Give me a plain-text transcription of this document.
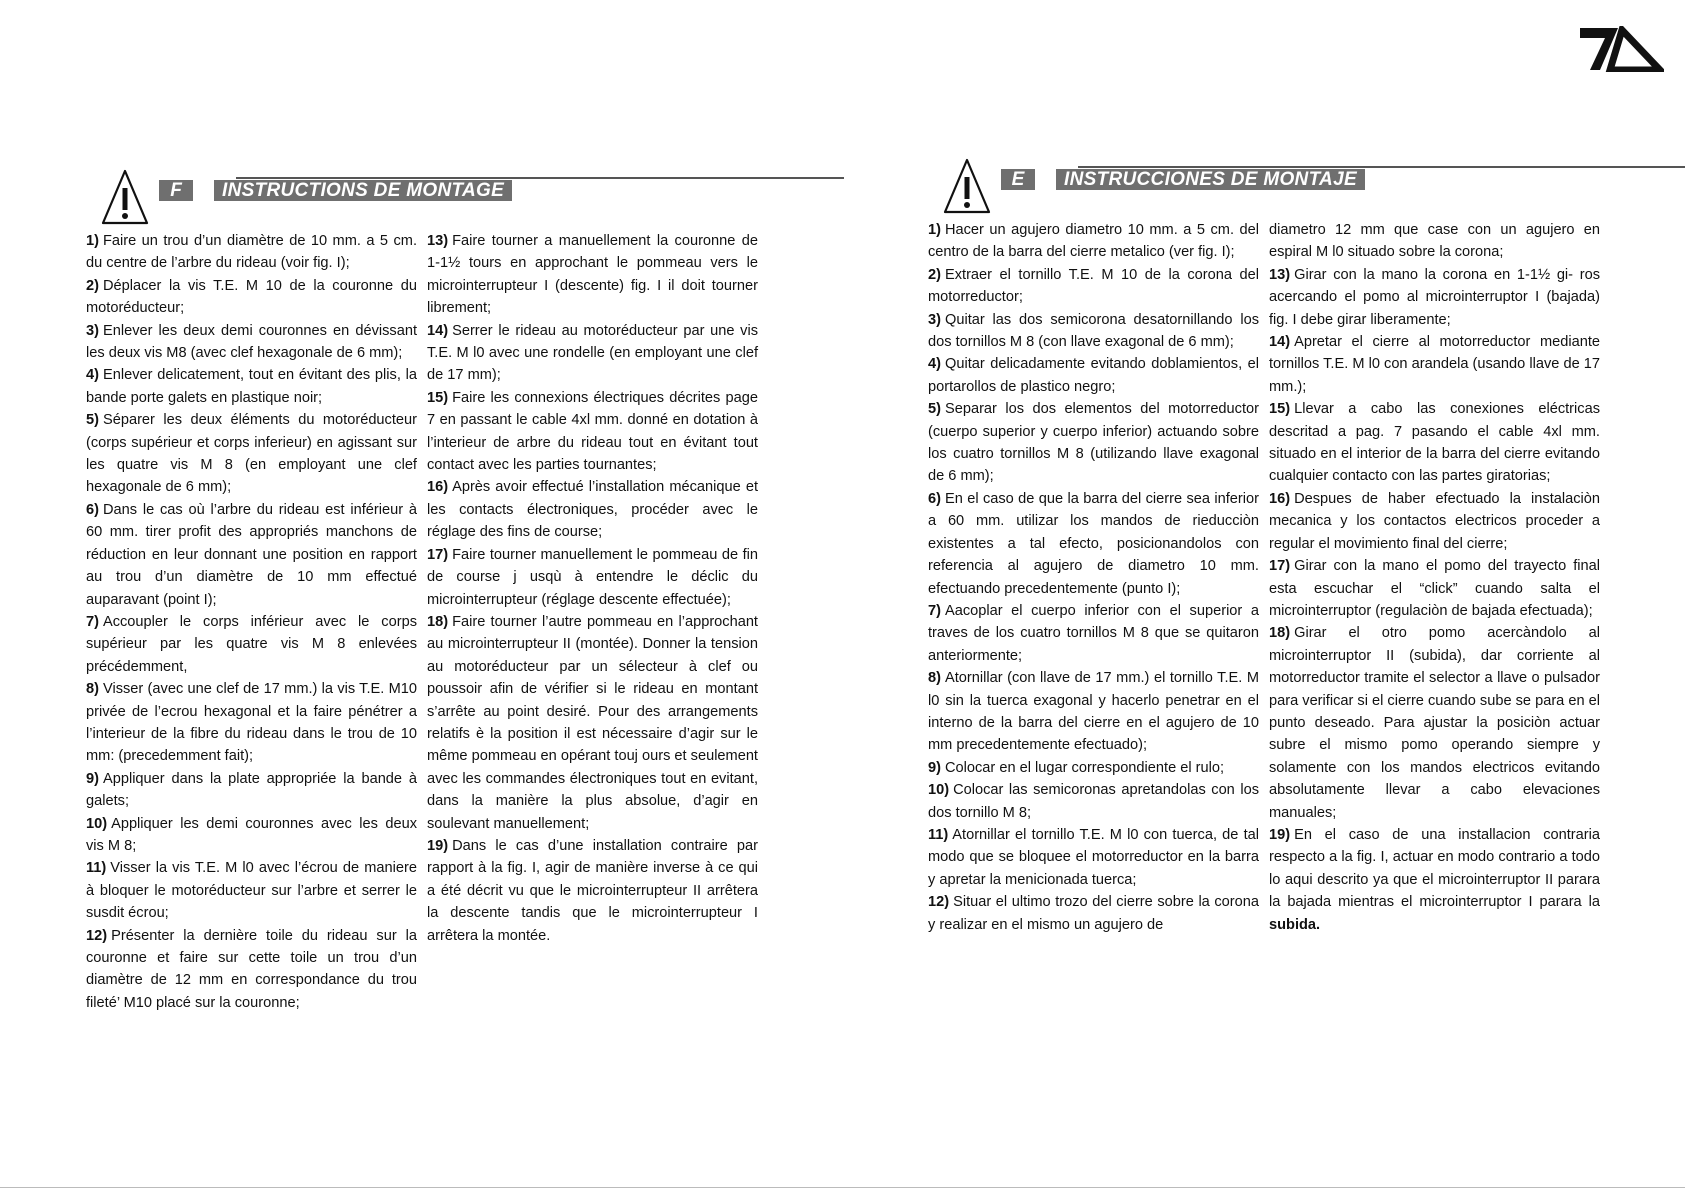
F	INSTRUCTIONS DE MONTAGE

1) Faire un trou d’un diamètre de 10 mm. a 5 cm. du centre de l’arbre du rideau (voir fig. I);

2) Déplacer la vis T.E. M 10 de la couronne du motoréducteur;

3) Enlever les deux demi couronnes en dévissant les deux vis M8 (avec clef hexagonale de 6 mm);

4) Enlever delicatement, tout en évitant des plis, la bande porte galets en plastique noir;

5) Séparer les deux éléments du motoréducteur (corps supérieur et corps inferieur) en agissant sur les quatre vis M 8 (en employant une clef hexagonale de 6 mm);

6) Dans le cas où l’arbre du rideau est inférieur à 60 mm. tirer profit des appropriés manchons de réduction en leur donnant une position en rapport au trou d’un diamètre de 10 mm effectué auparavant (point I);

7) Accoupler le corps inférieur avec le corps supérieur par les quatre vis M 8 enlevées précédemment,

8) Visser (avec une clef de 17 mm.) la vis T.E. M10 privée de l’ecrou hexagonal et la faire pénétrer a l’interieur de la fibre du rideau dans le trou de 10 mm: (precedemment fait);

9) Appliquer dans la plate appropriée la bande à galets;

10) Appliquer les demi couronnes avec les deux vis M 8;

11) Visser la vis T.E. M l0 avec l’écrou de maniere à bloquer le motoréducteur sur l’arbre et serrer le susdit écrou;

12) Présenter la dernière toile du rideau sur la couronne et faire sur cette toile un trou d’un diamètre de 12 mm en correspondance du trou fileté’ M10 placé sur la couronne;

13) Faire tourner a manuellement la couronne de 1-1½ tours en approchant le pommeau vers le microinterrupteur I (descente) fig. I il doit tourner librement;

14) Serrer le rideau au motoréducteur par une vis T.E. M l0 avec une rondelle (en employant une clef de 17 mm);

15) Faire les connexions électriques décrites page 7 en passant le cable 4xl mm. donné en dotation à l’interieur de arbre du rideau tout en évitant tout contact avec les parties tournantes;

16) Après avoir effectué l’installation mécanique et les contacts électroniques, procéder avec le réglage des fins de course;

17) Faire tourner manuellement le pommeau de fin de course j usqù à entendre le déclic du microinterrupteur (réglage descente effectuée);

18) Faire tourner l’autre pommeau en l’approchant au microinterrupteur II (montée). Donner la tension au motoréducteur par un sélecteur à clef ou poussoir afin de vérifier si le rideau en montant s’arrête au point desiré. Pour des arrangements relatifs è la position il est nécessaire d’agir sur le même pommeau en opérant touj ours et seulement avec les commandes électroniques tout en evitant, dans la manière la plus absolue, d’agir en soulevant manuellement;

19) Dans le cas d’une installation contraire par rapport à la fig. I, agir de manière inverse à ce qui a été décrit vu que le microinterrupteur II arrêtera la descente tandis que le microinterrupteur I arrêtera la montée.

E	INSTRUCCIONES DE MONTAJE

1) Hacer un agujero diametro 10 mm. a 5 cm. del centro de la barra del cierre metalico (ver fig. I);

2) Extraer el tornillo T.E. M 10 de la corona del motorreductor;

3) Quitar las dos semicorona desatornillando los dos tornillos M 8 (con llave exagonal de 6 mm);

4) Quitar delicadamente evitando doblamientos, el portarollos de plastico negro;

5) Separar los dos elementos del motorreductor (cuerpo superior y cuerpo inferior) actuando sobre los cuatro tornillos M 8 (utilizando llave exagonal de 6 mm);

6) En el caso de que la barra del cierre sea inferior a 60 mm. utilizar los mandos de rieducciòn existentes a tal efecto, posicionandolos con referencia al agujero de diametro 10 mm. efectuando precedentemente (punto I);

7) Aacoplar el cuerpo inferior con el superior a traves de los cuatro tornillos M 8 que se quitaron anteriormente;

8) Atornillar (con llave de 17 mm.) el tornillo T.E. M l0 sin la tuerca exagonal y hacerlo penetrar en el interno de la barra del cierre en el agujero de 10 mm precedentemente efectuado);

9) Colocar en el lugar correspondiente el rulo;

10) Colocar las semicoronas apretandolas con los dos tornillo M 8;

11) Atornillar el tornillo T.E. M l0 con tuerca, de tal modo que se bloquee el motorreductor en la barra y apretar la menicionada tuerca;

12) Situar el ultimo trozo del cierre sobre la corona y realizar en el mismo un agujero de

diametro 12 mm que case con un agujero en espiral M l0 situado sobre la corona;

13) Girar con la mano la corona en 1-1½ gi- ros acercando el pomo al microinterruptor I (bajada) fig. I debe girar liberamente;

14) Apretar el cierre al motorreductor mediante tornillos T.E. M l0 con arandela (usando llave de 17 mm.);

15) Llevar a cabo las conexiones eléctricas descritad a pag. 7 pasando el cable 4xl mm. situado en el interior de la barra del cierre evitando cualquier contacto con las partes giratorias;

16) Despues de haber efectuado la instalaciòn mecanica y los contactos electricos proceder a regular el movimiento final del cierre;

17) Girar con la mano el pomo del trayecto final esta escuchar el “click” cuando salta el microinterruptor (regulaciòn de bajada efectuada);

18) Girar el otro pomo acercàndolo al microinterruptor II (subida), dar corriente al motorreductor tramite el selector a llave o pulsador para verificar si el cierre cuando sube se para en el punto deseado. Para ajustar la posiciòn actuar subre el mismo pomo operando siempre y solamente con los mandos electricos evitando absolutamente llevar a cabo elevaciones manuales;

19) En el caso de una installacion contraria respecto a la fig. I, actuar en modo contrario a todo lo aqui descrito ya que el microinterruptor II parara la bajada mientras el microinterruptor I parara la subida.
